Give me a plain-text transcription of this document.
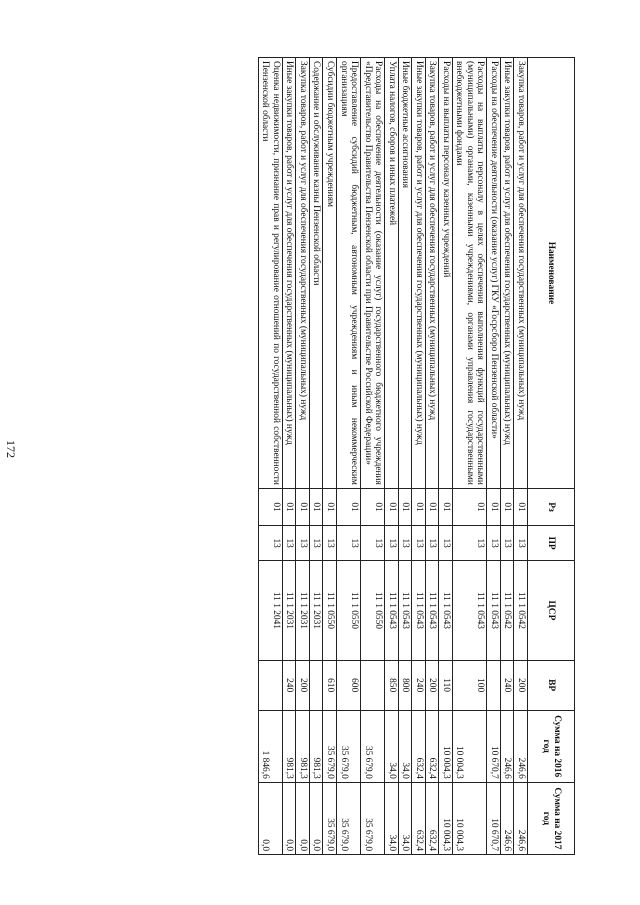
172
Наименование	Рз	ПР	ЦСР	ВР	Сумма на 2016 год	Сумма на 2017 год
Закупка товаров, работ и услуг для обеспечения государственных (муниципальных) нужд	01	13	11 1 0542	200	246,6	246,6
Иные закупки товаров, работ и услуг для обеспечения государственных (муниципальных) нужд	01	13	11 1 0542	240	246,6	246,6
Расходы на обеспечение деятельности (оказание услуг) ГКУ «Госрсборо Пензенской области»	01	13	11 1 0543		10 670,7	10 670,7
Расходы на выплаты персоналу в целях обеспечения выполнения функций государственными (муниципальными) органами, казенными учреждениями, органами управления государственными внебюджетными фондами	01	13	11 1 0543	100	10 004,3	10 004,3
Расходы на выплаты персоналу казенных учреждений	01	13	11 1 0543	110	10 004,3	10 004,3
Закупка товаров, работ и услуг для обеспечения государственных (муниципальных) нужд	01	13	11 1 0543	200	632,4	632,4
Иные закупки товаров, работ и услуг для обеспечения государственных (муниципальных) нужд	01	13	11 1 0543	240	632,4	632,4
Иные бюджетные ассигнования	01	13	11 1 0543	800	34,0	34,0
Уплата налогов, сборов и иных платежей	01	13	11 1 0543	850	34,0	34,0
Расходы на обеспечение деятельности (оказание услуг) государственного бюджетного учреждения «Представительство Правительства Пензенской области при Правительстве Российской Федерации»	01	13	11 1 0550		35 679,0	35 679,0
Предоставление субсидий бюджетным, автономным учреждениям и иным некоммерческим организациям	01	13	11 1 0550	600	35 679,0	35 679,0
Субсидии бюджетным учреждениям	01	13	11 1 0550	610	35 679,0	35 679,0
Содержание и обслуживание казны Пензенской области	01	13	11 1 2031		981,3	0,0
Закупка товаров, работ и услуг для обеспечения государственных (муниципальных) нужд	01	13	11 1 2031	200	981,3	0,0
Иные закупки товаров, работ и услуг для обеспечения государственных (муниципальных) нужд	01	13	11 1 2031	240	981,3	0,0
Оценка недвижимости, признание прав и регулирование отношений по государственной собственности Пензенской области	01	13	11 1 2041		1 846,6	0,0
